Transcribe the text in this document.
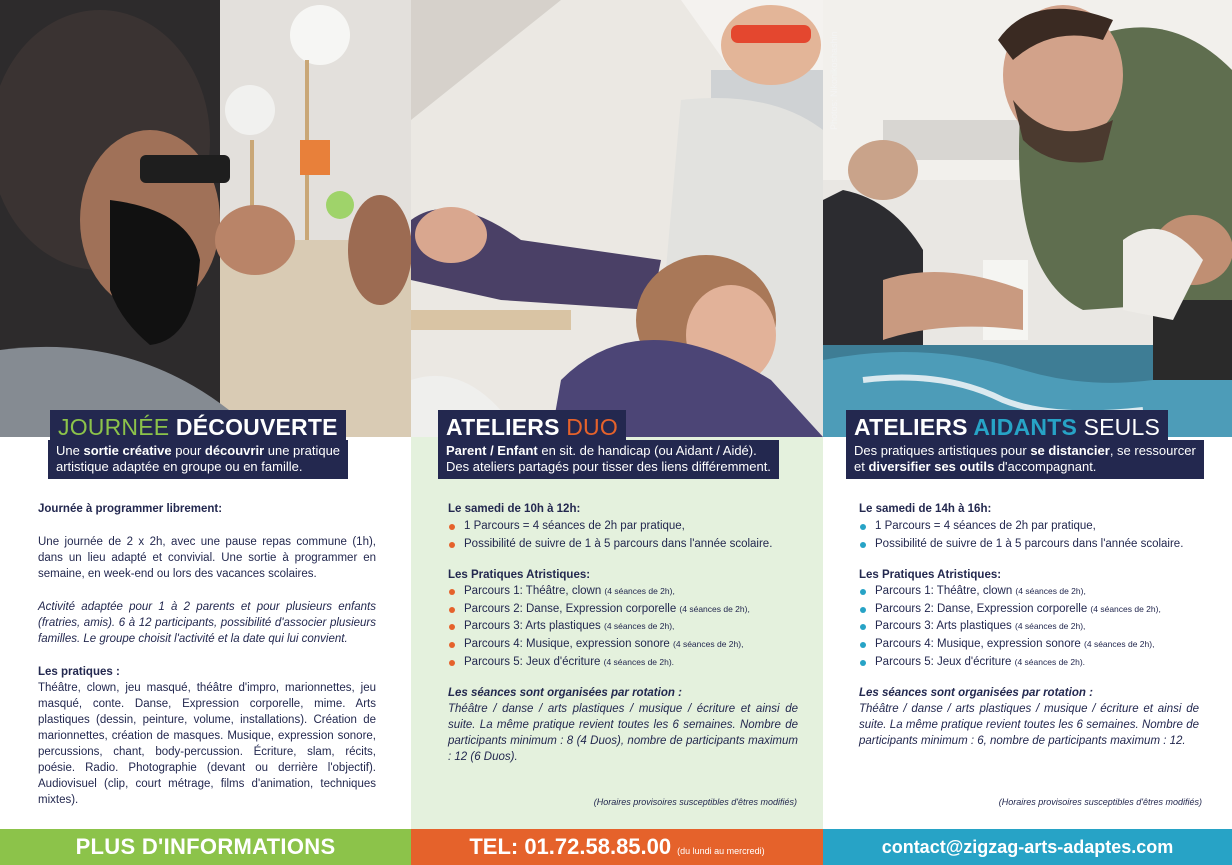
JOURNÉE DÉCOUVERTE
Une sortie créative pour découvrir une pratique
artistique adaptée en groupe ou en famille.

Journée à programmer librement:

Une journée de 2 x 2h, avec une pause repas commune (1h), dans un lieu adapté et convivial. Une sortie à programmer en semaine, en week-end ou lors des vacances scolaires.

Activité adaptée pour 1 à 2 parents et pour plusieurs enfants (fratries, amis). 6 à 12 participants, possibilité d'associer plusieurs familles. Le groupe choisit l'activité et la date qui lui convient.

Les pratiques :
Théâtre, clown, jeu masqué, théâtre d'impro, marionnettes, jeu masqué, conte. Danse, Expression corporelle, mime. Arts plastiques (dessin, peinture, volume, installations). Création de marionnettes, création de masques. Musique, expression sonore, percussions, chant, body-percussion. Écriture, slam, récits, poésie. Radio. Photographie (devant ou derrière l'objectif). Audiovisuel (clip, court métrage, films d'animation, techniques mixtes).
ATELIERS DUO
Parent / Enfant en sit. de handicap (ou Aidant / Aidé).
Des ateliers partagés pour tisser des liens différemment.
Le samedi de 10h à 12h:
1 Parcours = 4 séances de 2h par pratique,
Possibilité de suivre de 1 à 5 parcours dans l'année scolaire.
Les Pratiques Atristiques:
Parcours 1: Théâtre, clown (4 séances de 2h),
Parcours 2: Danse, Expression corporelle (4 séances de 2h),
Parcours 3: Arts plastiques (4 séances de 2h),
Parcours 4: Musique, expression sonore (4 séances de 2h),
Parcours 5: Jeux d'écriture (4 séances de 2h).
Les séances sont organisées par rotation :
Théâtre / danse / arts plastiques / musique / écriture et ainsi de suite. La même pratique revient toutes les 6 semaines. Nombre de participants minimum : 8 (4 Duos), nombre de participants maximum : 12 (6 Duos).
(Horaires provisoires susceptibles d'êtres modifiés)
Photos: Nikonikoshashin
ATELIERS AIDANTS SEULS
Des pratiques artistiques pour se distancier, se ressourcer
et diversifier ses outils d'accompagnant.
Le samedi de 14h à 16h:
1 Parcours = 4 séances de 2h par pratique,
Possibilité de suivre de 1 à 5 parcours dans l'année scolaire.
Les Pratiques Atristiques:
Parcours 1: Théâtre, clown (4 séances de 2h),
Parcours 2: Danse, Expression corporelle (4 séances de 2h),
Parcours 3: Arts plastiques (4 séances de 2h),
Parcours 4: Musique, expression sonore (4 séances de 2h),
Parcours 5: Jeux d'écriture (4 séances de 2h).
Les séances sont organisées par rotation :
Théâtre / danse / arts plastiques / musique / écriture et ainsi de suite. La même pratique revient toutes les 6 semaines. Nombre de participants minimum : 6, nombre de participants maximum : 12.
(Horaires provisoires susceptibles d'êtres modifiés)
PLUS D'INFORMATIONS	TEL: 01.72.58.85.00 (du lundi au mercredi)	contact@zigzag-arts-adaptes.com
